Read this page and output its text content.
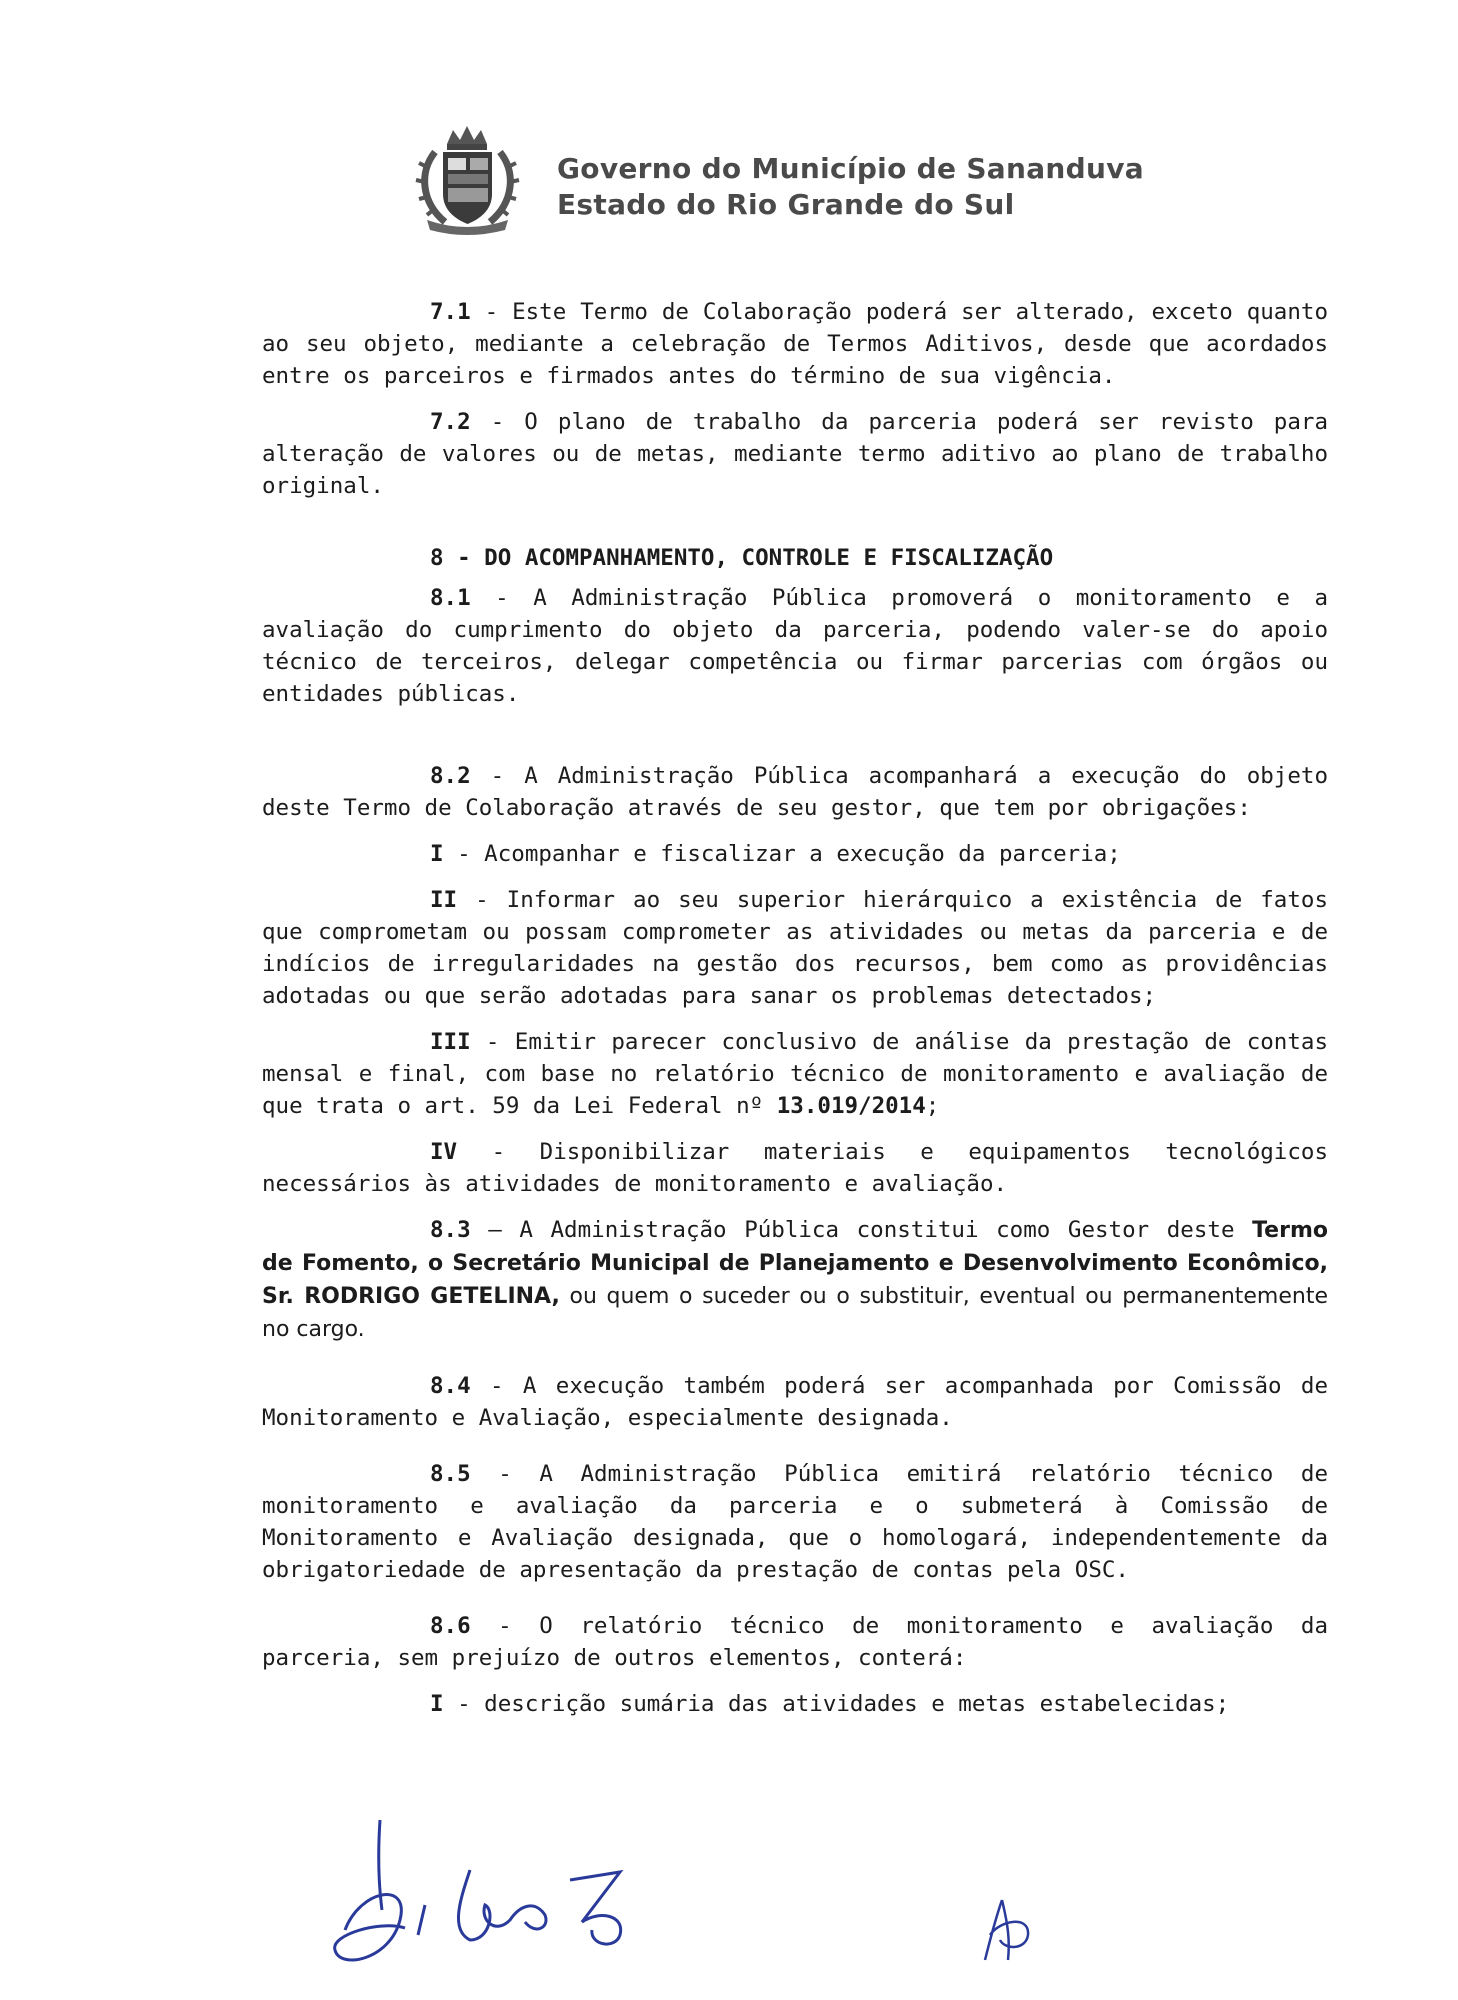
Governo do Município de Sananduva
Estado do Rio Grande do Sul

7.1 - Este Termo de Colaboração poderá ser alterado, exceto quanto ao seu objeto, mediante a celebração de Termos Aditivos, desde que acordados entre os parceiros e firmados antes do término de sua vigência.

7.2 - O plano de trabalho da parceria poderá ser revisto para alteração de valores ou de metas, mediante termo aditivo ao plano de trabalho original.

8 - DO ACOMPANHAMENTO, CONTROLE E FISCALIZAÇÃO

8.1 - A Administração Pública promoverá o monitoramento e a avaliação do cumprimento do objeto da parceria, podendo valer-se do apoio técnico de terceiros, delegar competência ou firmar parcerias com órgãos ou entidades públicas.

8.2 - A Administração Pública acompanhará a execução do objeto deste Termo de Colaboração através de seu gestor, que tem por obrigações:

I - Acompanhar e fiscalizar a execução da parceria;

II - Informar ao seu superior hierárquico a existência de fatos que comprometam ou possam comprometer as atividades ou metas da parceria e de indícios de irregularidades na gestão dos recursos, bem como as providências adotadas ou que serão adotadas para sanar os problemas detectados;

III - Emitir parecer conclusivo de análise da prestação de contas mensal e final, com base no relatório técnico de monitoramento e avaliação de que trata o art. 59 da Lei Federal nº 13.019/2014;

IV - Disponibilizar materiais e equipamentos tecnológicos necessários às atividades de monitoramento e avaliação.

8.3 – A Administração Pública constitui como Gestor deste Termo de Fomento, o Secretário Municipal de Planejamento e Desenvolvimento Econômico, Sr. RODRIGO GETELINA, ou quem o suceder ou o substituir, eventual ou permanentemente no cargo.

8.4 - A execução também poderá ser acompanhada por Comissão de Monitoramento e Avaliação, especialmente designada.

8.5 - A Administração Pública emitirá relatório técnico de monitoramento e avaliação da parceria e o submeterá à Comissão de Monitoramento e Avaliação designada, que o homologará, independentemente da obrigatoriedade de apresentação da prestação de contas pela OSC.

8.6 - O relatório técnico de monitoramento e avaliação da parceria, sem prejuízo de outros elementos, conterá:

I - descrição sumária das atividades e metas estabelecidas;
